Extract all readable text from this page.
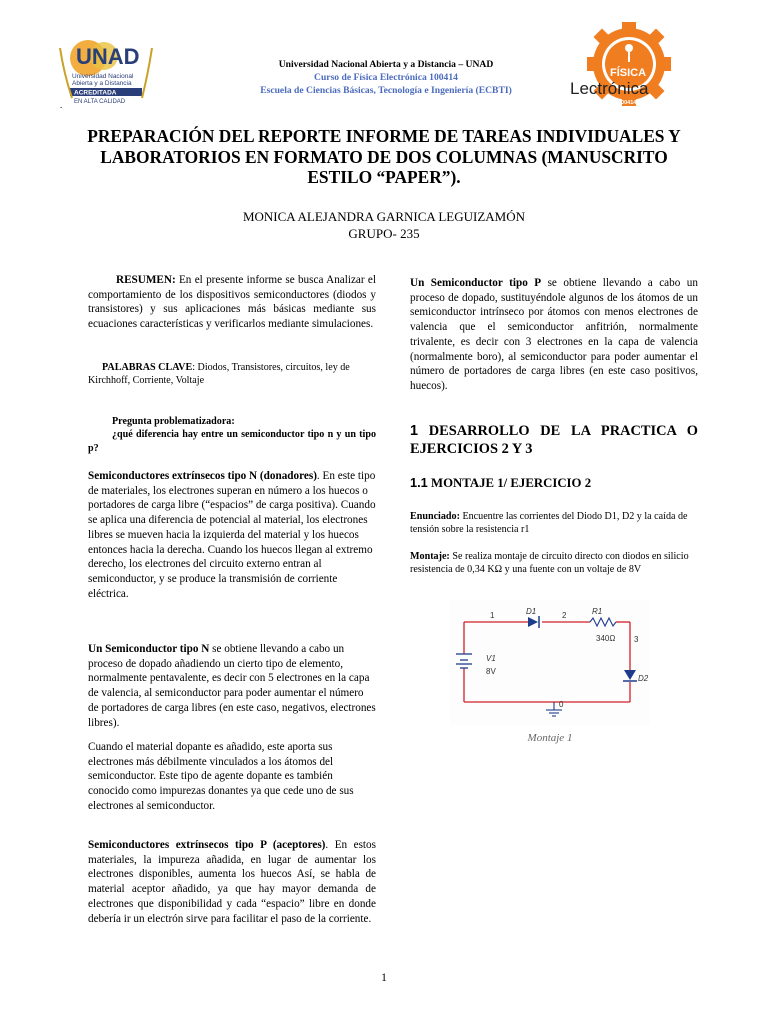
UNAD
Universidad Nacional
Abierta y a Distancia
ACREDITADA
EN ALTA CALIDAD
.
Universidad Nacional Abierta y a Distancia – UNAD
Curso de Física Electrónica 100414
Escuela de Ciencias Básicas, Tecnología e Ingeniería (ECBTI)
FÍSICA
Lectrónica
100414
PREPARACIÓN DEL REPORTE INFORME DE TAREAS INDIVIDUALES Y LABORATORIOS EN FORMATO DE DOS COLUMNAS (MANUSCRITO ESTILO “PAPER”).
MONICA ALEJANDRA GARNICA LEGUIZAMÓN
GRUPO- 235
RESUMEN: En el presente informe se busca Analizar el comportamiento de los dispositivos semiconductores (diodos y transistores) y sus aplicaciones más básicas mediante sus ecuaciones características y verificarlos mediante simulaciones.
PALABRAS CLAVE: Diodos, Transistores, circuitos, ley de Kirchhoff, Corriente, Voltaje
Pregunta problematizadora:
¿qué diferencia hay entre un semiconductor tipo n y un tipo p?
Semiconductores extrínsecos tipo N (donadores). En este tipo de materiales, los electrones superan en número a los huecos o portadores de carga libre (“espacios” de carga positiva). Cuando se aplica una diferencia de potencial al material, los electrones libres se mueven hacia la izquierda del material y los huecos entonces hacia la derecha. Cuando los huecos llegan al extremo derecho, los electrones del circuito externo entran al semiconductor, y se produce la transmisión de corriente eléctrica.
Un Semiconductor tipo N se obtiene llevando a cabo un proceso de dopado añadiendo un cierto tipo de elemento, normalmente pentavalente, es decir con 5 electrones en la capa de valencia, al semiconductor para poder aumentar el número de portadores de carga libres (en este caso, negativos, electrones libres).
Cuando el material dopante es añadido, este aporta sus electrones más débilmente vinculados a los átomos del semiconductor. Este tipo de agente dopante es también conocido como impurezas donantes ya que cede uno de sus electrones al semiconductor.
Semiconductores extrínsecos tipo P (aceptores). En estos materiales, la impureza añadida, en lugar de aumentar los electrones disponibles, aumenta los huecos Así, se habla de material aceptor añadido, ya que hay mayor demanda de electrones que disponibilidad y cada “espacio” libre en donde debería ir un electrón sirve para facilitar el paso de la corriente.
Un Semiconductor tipo P se obtiene llevando a cabo un proceso de dopado, sustituyéndole algunos de los átomos de un semiconductor intrínseco por átomos con menos electrones de valencia que el semiconductor anfitrión, normalmente trivalente, es decir con 3 electrones en la capa de valencia (normalmente boro), al semiconductor para poder aumentar el número de portadores de carga libres (en este caso positivos, huecos).
1 DESARROLLO DE LA PRACTICA O EJERCICIOS 2 Y 3
1.1 MONTAJE 1/ EJERCICIO 2
Enunciado: Encuentre las corrientes del Diodo D1, D2 y la caída de tensión sobre la resistencia r1
Montaje: Se realiza montaje de circuito directo con diodos en silicio resistencia de 0,34 KΩ y una fuente con un voltaje de 8V
D1	R1
340Ω
V1
8V
D2
1	2
3
0
Montaje 1
1
